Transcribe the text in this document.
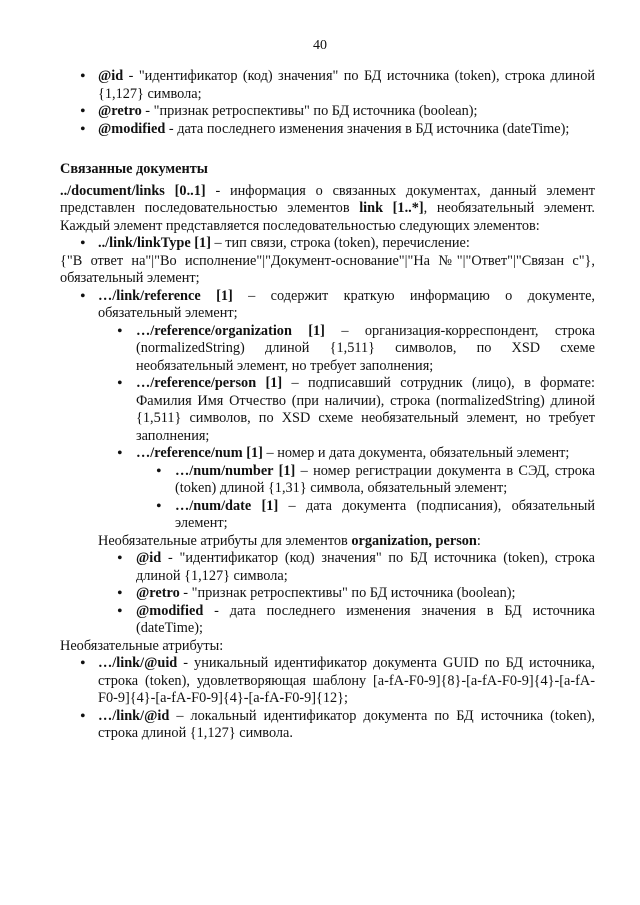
40
• @id - "идентификатор (код) значения" по БД источника (token), строка длиной {1,127} символа;
• @retro - "признак ретроспективы" по БД источника (boolean);
• @modified - дата последнего изменения значения в БД источника (dateTime);
Связанные документы

../document/links [0..1] - информация о связанных документах, данный элемент представлен последовательностью элементов link [1..*], необязательный элемент. Каждый элемент представляется последовательностью следующих элементов:

• ../link/linkType [1] – тип связи, строка (token), перечисление:

{"В ответ на"|"Во исполнение"|"Документ-основание"|"На №"|"Ответ"|"Связан с"}, обязательный элемент;

• …/link/reference [1] – содержит краткую информацию о документе, обязательный элемент;
• …/reference/organization [1] – организация-корреспондент, строка (normalizedString) длиной {1,511} символов, по XSD схеме необязательный элемент, но требует заполнения;
• …/reference/person [1] – подписавший сотрудник (лицо), в формате: Фамилия Имя Отчество (при наличии), строка (normalizedString) длиной {1,511} символов, по XSD схеме необязательный элемент, но требует заполнения;
• …/reference/num [1] – номер и дата документа, обязательный элемент;
• …/num/number [1] – номер регистрации документа в СЭД, строка (token) длиной {1,31} символа, обязательный элемент;
• …/num/date [1] – дата документа (подписания), обязательный элемент;

Необязательные атрибуты для элементов organization, person:

• @id - "идентификатор (код) значения" по БД источника (token), строка длиной {1,127} символа;
• @retro - "признак ретроспективы" по БД источника (boolean);
• @modified - дата последнего изменения значения в БД источника (dateTime);

Необязательные атрибуты:

• …/link/@uid - уникальный идентификатор документа GUID по БД источника, строка (token), удовлетворяющая шаблону [a-fA-F0-9]{8}-[a-fA-F0-9]{4}-[a-fA-F0-9]{4}-[a-fA-F0-9]{4}-[a-fA-F0-9]{12};
• …/link/@id – локальный идентификатор документа по БД источника (token), строка длиной {1,127} символа.
